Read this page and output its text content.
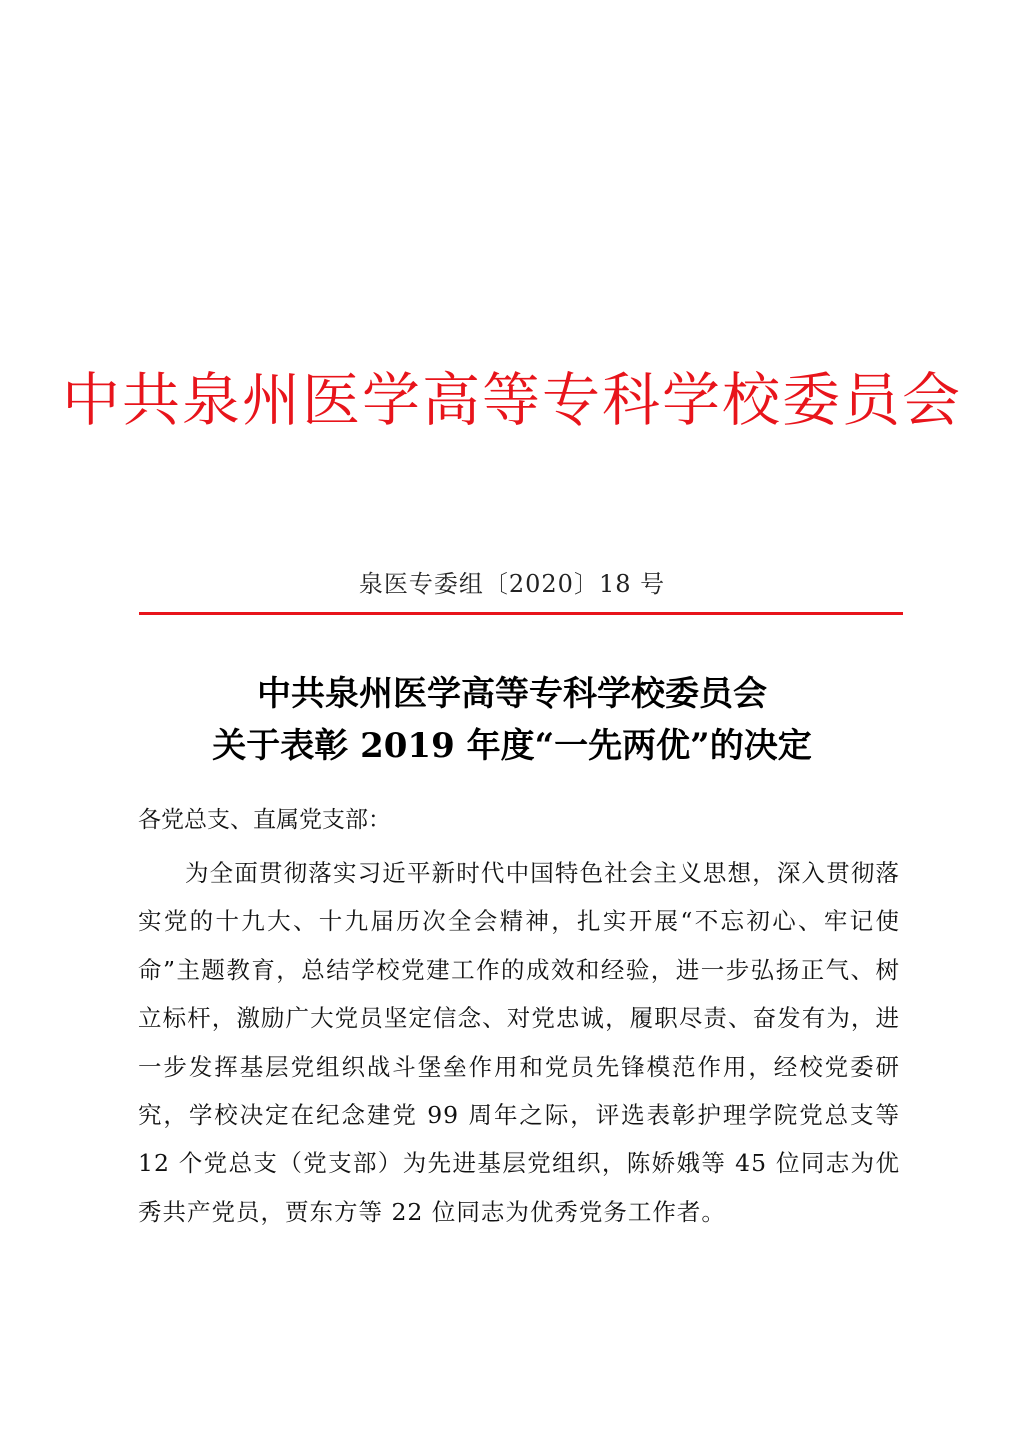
中共泉州医学高等专科学校委员会
泉医专委组〔2020〕18 号
中共泉州医学高等专科学校委员会
关于表彰 2019 年度“一先两优”的决定
各党总支、直属党支部：
为全面贯彻落实习近平新时代中国特色社会主义思想，深入贯彻落实党的十九大、十九届历次全会精神，扎实开展“不忘初心、牢记使命”主题教育，总结学校党建工作的成效和经验，进一步弘扬正气、树立标杆，激励广大党员坚定信念、对党忠诚，履职尽责、奋发有为，进一步发挥基层党组织战斗堡垒作用和党员先锋模范作用，经校党委研究，学校决定在纪念建党 99 周年之际，评选表彰护理学院党总支等 12 个党总支（党支部）为先进基层党组织，陈娇娥等 45 位同志为优秀共产党员，贾东方等 22 位同志为优秀党务工作者。
